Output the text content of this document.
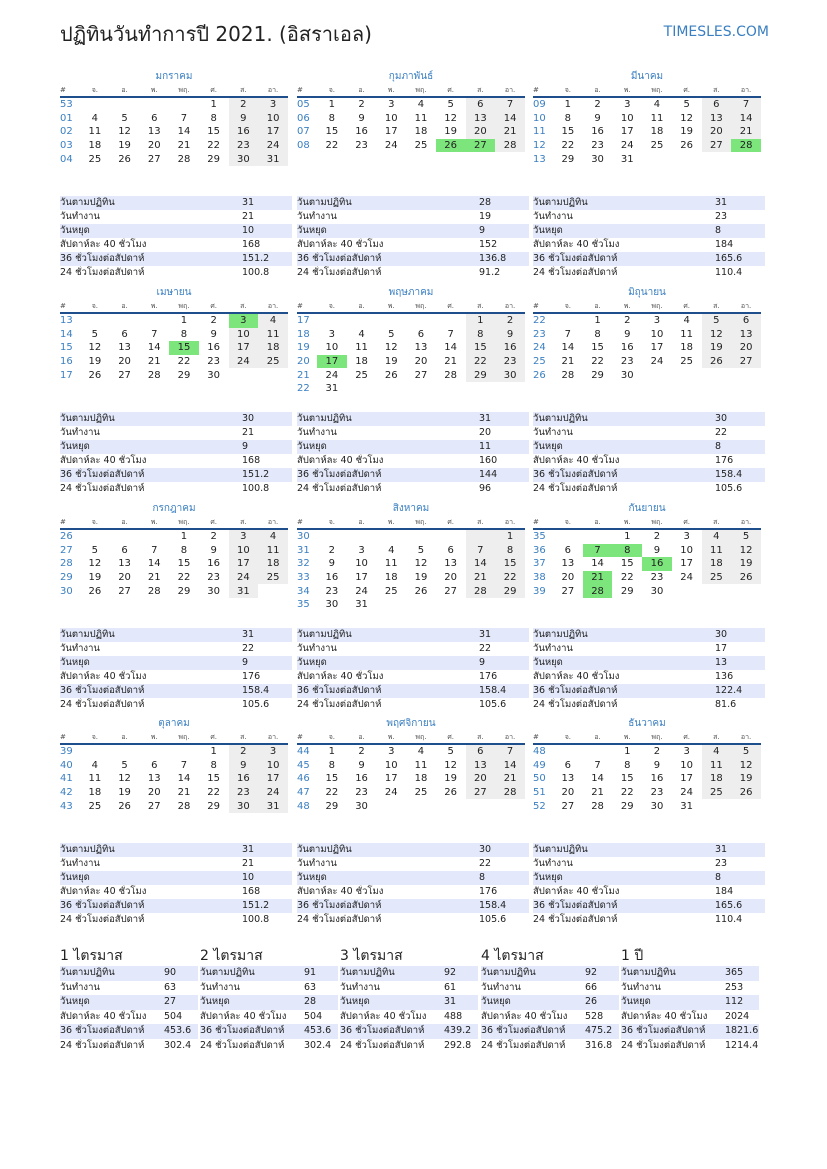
ปฏิทินวันทำการปี 2021. (อิสราเอล)	TIMESLES.COM
มกราคม
#	จ.	อ.	พ.	พฤ.	ศ.	ส.	อา.
53					1	2	3
01	4	5	6	7	8	9	10
02	11	12	13	14	15	16	17
03	18	19	20	21	22	23	24
04	25	26	27	28	29	30	31
วันตามปฏิทิน	31
วันทำงาน	21
วันหยุด	10
สัปดาห์ละ 40 ชั่วโมง	168
36 ชั่วโมงต่อสัปดาห์	151.2
24 ชั่วโมงต่อสัปดาห์	100.8
กุมภาพันธ์
#	จ.	อ.	พ.	พฤ.	ศ.	ส.	อา.
05	1	2	3	4	5	6	7
06	8	9	10	11	12	13	14
07	15	16	17	18	19	20	21
08	22	23	24	25	26	27	28
วันตามปฏิทิน	28
วันทำงาน	19
วันหยุด	9
สัปดาห์ละ 40 ชั่วโมง	152
36 ชั่วโมงต่อสัปดาห์	136.8
24 ชั่วโมงต่อสัปดาห์	91.2
มีนาคม
#	จ.	อ.	พ.	พฤ.	ศ.	ส.	อา.
09	1	2	3	4	5	6	7
10	8	9	10	11	12	13	14
11	15	16	17	18	19	20	21
12	22	23	24	25	26	27	28
13	29	30	31				
วันตามปฏิทิน	31
วันทำงาน	23
วันหยุด	8
สัปดาห์ละ 40 ชั่วโมง	184
36 ชั่วโมงต่อสัปดาห์	165.6
24 ชั่วโมงต่อสัปดาห์	110.4
เมษายน
#	จ.	อ.	พ.	พฤ.	ศ.	ส.	อา.
13				1	2	3	4
14	5	6	7	8	9	10	11
15	12	13	14	15	16	17	18
16	19	20	21	22	23	24	25
17	26	27	28	29	30		
วันตามปฏิทิน	30
วันทำงาน	21
วันหยุด	9
สัปดาห์ละ 40 ชั่วโมง	168
36 ชั่วโมงต่อสัปดาห์	151.2
24 ชั่วโมงต่อสัปดาห์	100.8
พฤษภาคม
#	จ.	อ.	พ.	พฤ.	ศ.	ส.	อา.
17						1	2
18	3	4	5	6	7	8	9
19	10	11	12	13	14	15	16
20	17	18	19	20	21	22	23
21	24	25	26	27	28	29	30
22	31						
วันตามปฏิทิน	31
วันทำงาน	20
วันหยุด	11
สัปดาห์ละ 40 ชั่วโมง	160
36 ชั่วโมงต่อสัปดาห์	144
24 ชั่วโมงต่อสัปดาห์	96
มิถุนายน
#	จ.	อ.	พ.	พฤ.	ศ.	ส.	อา.
22		1	2	3	4	5	6
23	7	8	9	10	11	12	13
24	14	15	16	17	18	19	20
25	21	22	23	24	25	26	27
26	28	29	30				
วันตามปฏิทิน	30
วันทำงาน	22
วันหยุด	8
สัปดาห์ละ 40 ชั่วโมง	176
36 ชั่วโมงต่อสัปดาห์	158.4
24 ชั่วโมงต่อสัปดาห์	105.6
กรกฎาคม
#	จ.	อ.	พ.	พฤ.	ศ.	ส.	อา.
26				1	2	3	4
27	5	6	7	8	9	10	11
28	12	13	14	15	16	17	18
29	19	20	21	22	23	24	25
30	26	27	28	29	30	31	
วันตามปฏิทิน	31
วันทำงาน	22
วันหยุด	9
สัปดาห์ละ 40 ชั่วโมง	176
36 ชั่วโมงต่อสัปดาห์	158.4
24 ชั่วโมงต่อสัปดาห์	105.6
สิงหาคม
#	จ.	อ.	พ.	พฤ.	ศ.	ส.	อา.
30							1
31	2	3	4	5	6	7	8
32	9	10	11	12	13	14	15
33	16	17	18	19	20	21	22
34	23	24	25	26	27	28	29
35	30	31					
วันตามปฏิทิน	31
วันทำงาน	22
วันหยุด	9
สัปดาห์ละ 40 ชั่วโมง	176
36 ชั่วโมงต่อสัปดาห์	158.4
24 ชั่วโมงต่อสัปดาห์	105.6
กันยายน
#	จ.	อ.	พ.	พฤ.	ศ.	ส.	อา.
35			1	2	3	4	5
36	6	7	8	9	10	11	12
37	13	14	15	16	17	18	19
38	20	21	22	23	24	25	26
39	27	28	29	30			
วันตามปฏิทิน	30
วันทำงาน	17
วันหยุด	13
สัปดาห์ละ 40 ชั่วโมง	136
36 ชั่วโมงต่อสัปดาห์	122.4
24 ชั่วโมงต่อสัปดาห์	81.6
ตุลาคม
#	จ.	อ.	พ.	พฤ.	ศ.	ส.	อา.
39					1	2	3
40	4	5	6	7	8	9	10
41	11	12	13	14	15	16	17
42	18	19	20	21	22	23	24
43	25	26	27	28	29	30	31
วันตามปฏิทิน	31
วันทำงาน	21
วันหยุด	10
สัปดาห์ละ 40 ชั่วโมง	168
36 ชั่วโมงต่อสัปดาห์	151.2
24 ชั่วโมงต่อสัปดาห์	100.8
พฤศจิกายน
#	จ.	อ.	พ.	พฤ.	ศ.	ส.	อา.
44	1	2	3	4	5	6	7
45	8	9	10	11	12	13	14
46	15	16	17	18	19	20	21
47	22	23	24	25	26	27	28
48	29	30					
วันตามปฏิทิน	30
วันทำงาน	22
วันหยุด	8
สัปดาห์ละ 40 ชั่วโมง	176
36 ชั่วโมงต่อสัปดาห์	158.4
24 ชั่วโมงต่อสัปดาห์	105.6
ธันวาคม
#	จ.	อ.	พ.	พฤ.	ศ.	ส.	อา.
48			1	2	3	4	5
49	6	7	8	9	10	11	12
50	13	14	15	16	17	18	19
51	20	21	22	23	24	25	26
52	27	28	29	30	31		
วันตามปฏิทิน	31
วันทำงาน	23
วันหยุด	8
สัปดาห์ละ 40 ชั่วโมง	184
36 ชั่วโมงต่อสัปดาห์	165.6
24 ชั่วโมงต่อสัปดาห์	110.4
1 ไตรมาส
วันตามปฏิทิน	90
วันทำงาน	63
วันหยุด	27
สัปดาห์ละ 40 ชั่วโมง	504
36 ชั่วโมงต่อสัปดาห์	453.6
24 ชั่วโมงต่อสัปดาห์	302.4
2 ไตรมาส
วันตามปฏิทิน	91
วันทำงาน	63
วันหยุด	28
สัปดาห์ละ 40 ชั่วโมง	504
36 ชั่วโมงต่อสัปดาห์	453.6
24 ชั่วโมงต่อสัปดาห์	302.4
3 ไตรมาส
วันตามปฏิทิน	92
วันทำงาน	61
วันหยุด	31
สัปดาห์ละ 40 ชั่วโมง	488
36 ชั่วโมงต่อสัปดาห์	439.2
24 ชั่วโมงต่อสัปดาห์	292.8
4 ไตรมาส
วันตามปฏิทิน	92
วันทำงาน	66
วันหยุด	26
สัปดาห์ละ 40 ชั่วโมง	528
36 ชั่วโมงต่อสัปดาห์	475.2
24 ชั่วโมงต่อสัปดาห์	316.8
1 ปี
วันตามปฏิทิน	365
วันทำงาน	253
วันหยุด	112
สัปดาห์ละ 40 ชั่วโมง	2024
36 ชั่วโมงต่อสัปดาห์	1821.6
24 ชั่วโมงต่อสัปดาห์	1214.4
